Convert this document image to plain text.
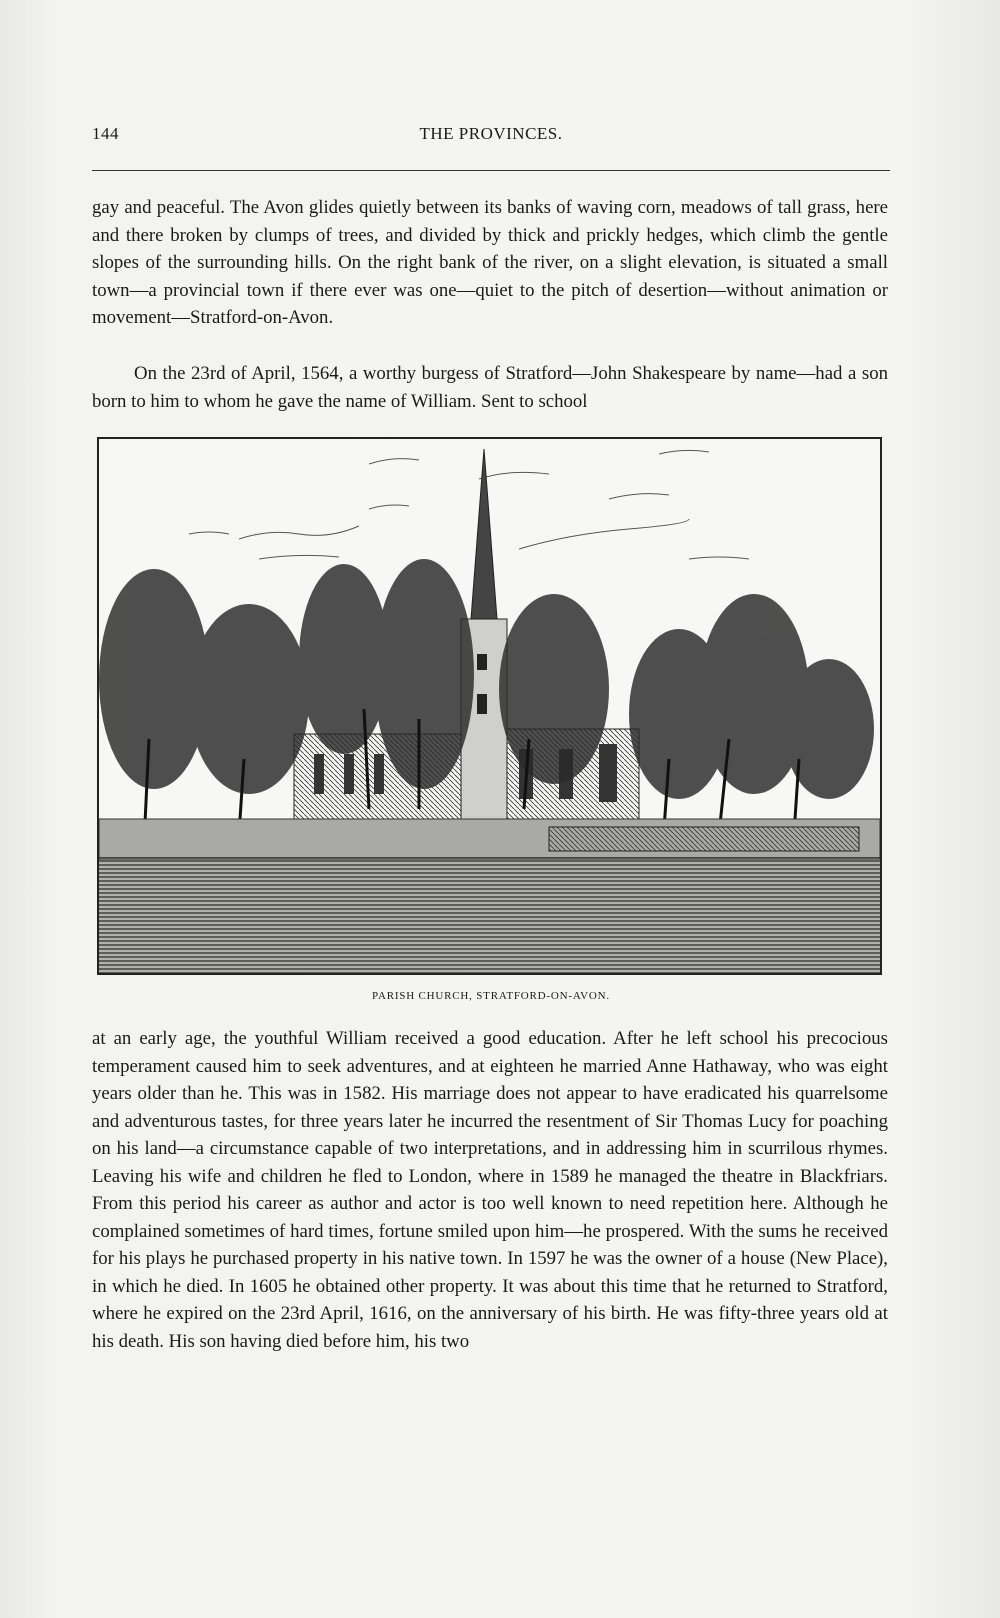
144	THE PROVINCES.

gay and peaceful. The Avon glides quietly between its banks of waving corn, meadows of tall grass, here and there broken by clumps of trees, and divided by thick and prickly hedges, which climb the gentle slopes of the surrounding hills. On the right bank of the river, on a slight elevation, is situated a small town—a provincial town if there ever was one—quiet to the pitch of desertion—without animation or movement—Stratford-on-Avon.

On the 23rd of April, 1564, a worthy burgess of Stratford—John Shakespeare by name—had a son born to him to whom he gave the name of William. Sent to school

PARISH CHURCH, STRATFORD-ON-AVON.

at an early age, the youthful William received a good education. After he left school his precocious temperament caused him to seek adventures, and at eighteen he married Anne Hathaway, who was eight years older than he. This was in 1582. His marriage does not appear to have eradicated his quarrelsome and adventurous tastes, for three years later he incurred the resentment of Sir Thomas Lucy for poaching on his land—a circumstance capable of two interpretations, and in addressing him in scurrilous rhymes. Leaving his wife and children he fled to London, where in 1589 he managed the theatre in Blackfriars. From this period his career as author and actor is too well known to need repetition here. Although he complained sometimes of hard times, fortune smiled upon him—he prospered. With the sums he received for his plays he purchased property in his native town. In 1597 he was the owner of a house (New Place), in which he died. In 1605 he obtained other property. It was about this time that he returned to Stratford, where he expired on the 23rd April, 1616, on the anniversary of his birth. He was fifty-three years old at his death. His son having died before him, his two
